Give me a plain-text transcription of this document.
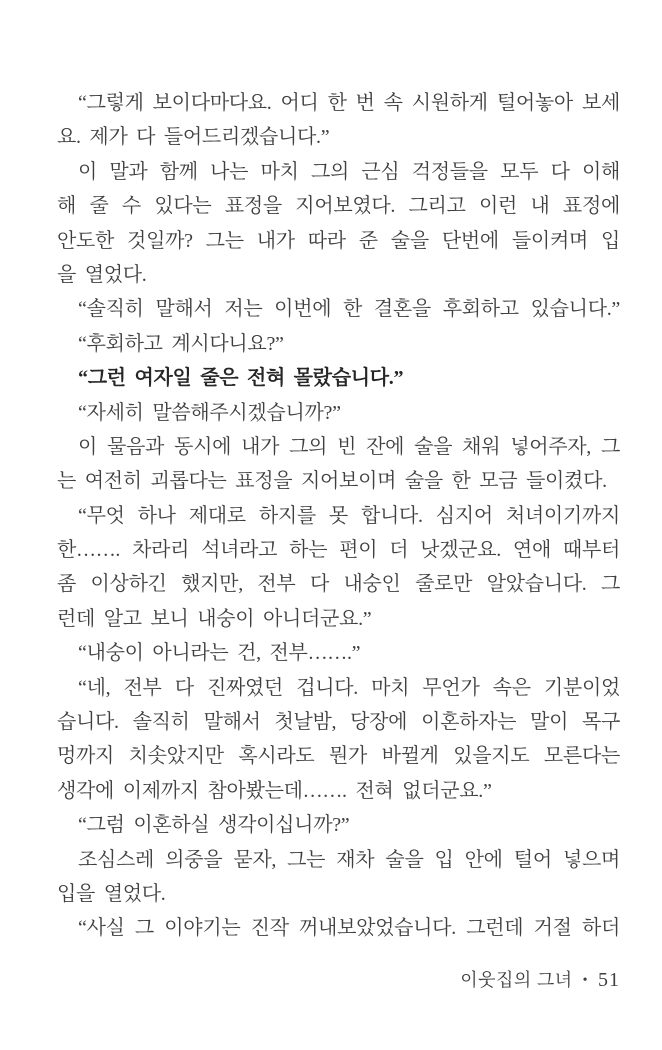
“그렇게 보이다마다요. 어디 한 번 속 시원하게 털어놓아 보세
요. 제가 다 들어드리겠습니다.”

이 말과 함께 나는 마치 그의 근심 걱정들을 모두 다 이해
해 줄 수 있다는 표정을 지어보였다. 그리고 이런 내 표정에
안도한 것일까? 그는 내가 따라 준 술을 단번에 들이켜며 입
을 열었다.

“솔직히 말해서 저는 이번에 한 결혼을 후회하고 있습니다.”

“후회하고 계시다니요?”

“그런 여자일 줄은 전혀 몰랐습니다.”

“자세히 말씀해주시겠습니까?”

이 물음과 동시에 내가 그의 빈 잔에 술을 채워 넣어주자, 그
는 여전히 괴롭다는 표정을 지어보이며 술을 한 모금 들이켰다.

“무엇 하나 제대로 하지를 못 합니다. 심지어 처녀이기까지
한……. 차라리 석녀라고 하는 편이 더 낫겠군요. 연애 때부터
좀 이상하긴 했지만, 전부 다 내숭인 줄로만 알았습니다. 그
런데 알고 보니 내숭이 아니더군요.”

“내숭이 아니라는 건, 전부…….”

“네, 전부 다 진짜였던 겁니다. 마치 무언가 속은 기분이었
습니다. 솔직히 말해서 첫날밤, 당장에 이혼하자는 말이 목구
멍까지 치솟았지만 혹시라도 뭔가 바뀔게 있을지도 모른다는
생각에 이제까지 참아봤는데……. 전혀 없더군요.”

“그럼 이혼하실 생각이십니까?”

조심스레 의중을 묻자, 그는 재차 술을 입 안에 털어 넣으며
입을 열었다.

“사실 그 이야기는 진작 꺼내보았었습니다. 그런데 거절 하더

이웃집의 그녀 • 51
